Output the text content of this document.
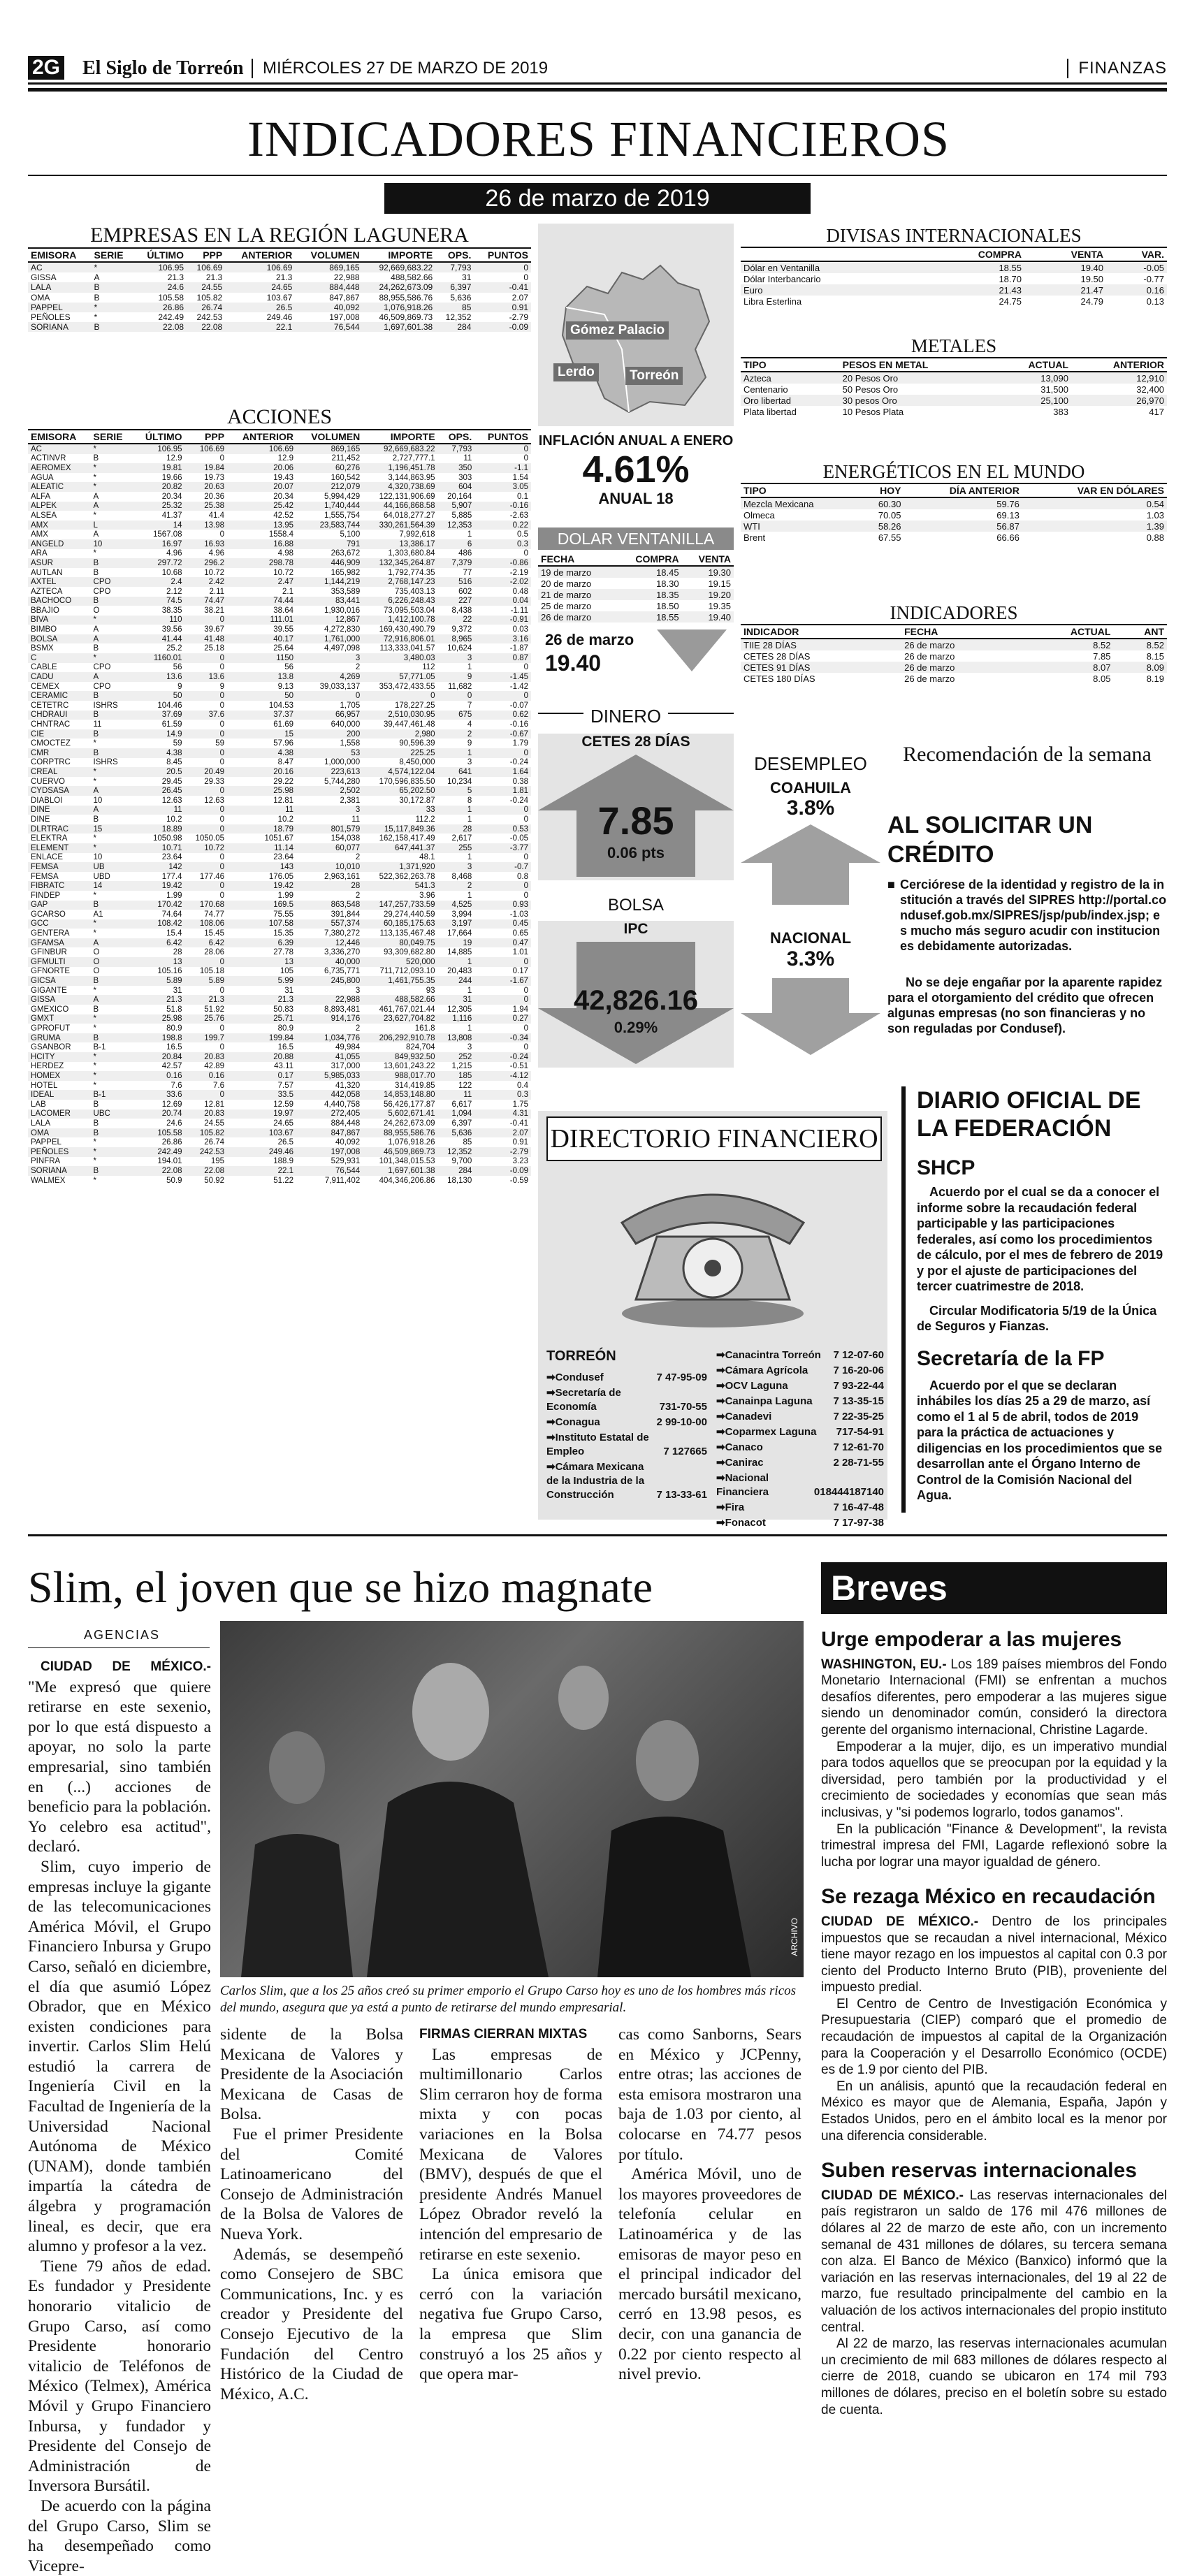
2G El Siglo de Torreón	MIÉRCOLES 27 DE MARZO DE 2019	FINANZAS
INDICADORES FINANCIEROS
26 de marzo de 2019
EMPRESAS EN LA REGIÓN LAGUNERA
EMISORA	SERIE	ÚLTIMO	PPP	ANTERIOR	VOLUMEN	IMPORTE	OPS.	PUNTOS
AC	*	106.95	106.69	106.69	869,165	92,669,683.22	7,793	0
GISSA	A	21.3	21.3	21.3	22,988	488,582.66	31	0
LALA	B	24.6	24.55	24.65	884,448	24,262,673.09	6,397	-0.41
OMA	B	105.58	105.82	103.67	847,867	88,955,586.76	5,636	2.07
PAPPEL	*	26.86	26.74	26.5	40,092	1,076,918.26	85	0.91
PEÑOLES	*	242.49	242.53	249.46	197,008	46,509,869.73	12,352	-2.79
SORIANA	B	22.08	22.08	22.1	76,544	1,697,601.38	284	-0.09
ACCIONES
EMISORA	SERIE	ÚLTIMO	PPP	ANTERIOR	VOLUMEN	IMPORTE	OPS.	PUNTOS
AC	*	106.95	106.69	106.69	869,165	92,669,683.22	7,793	0
ACTINVR	B	12.9	0	12.9	211,452	2,727,777.1	11	0
AEROMEX	*	19.81	19.84	20.06	60,276	1,196,451.78	350	-1.1
AGUA	*	19.66	19.73	19.43	160,542	3,144,863.95	303	1.54
ALEATIC	*	20.82	20.63	20.07	212,079	4,320,738.69	604	3.05
ALFA	A	20.34	20.36	20.34	5,994,429	122,131,906.69	20,164	0.1
ALPEK	A	25.32	25.38	25.42	1,740,444	44,166,868.58	5,907	-0.16
ALSEA	*	41.37	41.4	42.52	1,555,754	64,018,277.27	5,885	-2.63
AMX	L	14	13.98	13.95	23,583,744	330,261,564.39	12,353	0.22
AMX	A	1567.08	0	1558.4	5,100	7,992,618	1	0.5
ANGELD	10	16.97	16.93	16.88	791	13,386.17	6	0.3
ARA	*	4.96	4.96	4.98	263,672	1,303,680.84	486	0
ASUR	B	297.72	296.2	298.78	446,909	132,345,264.87	7,379	-0.86
AUTLAN	B	10.68	10.72	10.72	165,982	1,792,774.35	77	-2.19
AXTEL	CPO	2.4	2.42	2.47	1,144,219	2,768,147.23	516	-2.02
AZTECA	CPO	2.12	2.11	2.1	353,589	735,403.13	602	0.48
BACHOCO	B	74.5	74.47	74.44	83,441	6,226,248.43	227	0.04
BBAJIO	O	38.35	38.21	38.64	1,930,016	73,095,503.04	8,438	-1.11
BIVA	*	110	0	111.01	12,867	1,412,100.78	22	-0.91
BIMBO	A	39.56	39.67	39.55	4,272,830	169,430,490.79	9,372	0.03
BOLSA	A	41.44	41.48	40.17	1,761,000	72,916,806.01	8,965	3.16
BSMX	B	25.2	25.18	25.64	4,497,098	113,333,041.57	10,624	-1.87
C	*	1160.01	0	1150	3	3,480.03	3	0.87
CABLE	CPO	56	0	56	2	112	1	0
CADU	A	13.6	13.6	13.8	4,269	57,771.05	9	-1.45
CEMEX	CPO	9	9	9.13	39,033,137	353,472,433.55	11,682	-1.42
CERAMIC	B	50	0	50	0	0	0	0
CETETRC	ISHRS	104.46	0	104.53	1,705	178,227.25	7	-0.07
CHDRAUI	B	37.69	37.6	37.37	66,957	2,510,030.95	675	0.62
CHNTRAC	11	61.59	0	61.69	640,000	39,447,461.48	4	-0.16
CIE	B	14.9	0	15	200	2,980	2	-0.67
CMOCTEZ	*	59	59	57.96	1,558	90,596.39	9	1.79
CMR	B	4.38	0	4.38	53	225.25	1	0
CORPTRC	ISHRS	8.45	0	8.47	1,000,000	8,450,000	3	-0.24
CREAL	*	20.5	20.49	20.16	223,613	4,574,122.04	641	1.64
CUERVO	*	29.45	29.33	29.22	5,744,280	170,596,835.50	10,234	0.38
CYDSASA	A	26.45	0	25.98	2,502	65,202.50	5	1.81
DIABLOI	10	12.63	12.63	12.81	2,381	30,172.87	8	-0.24
DINE	A	11	0	11	3	33	1	0
DINE	B	10.2	0	10.2	11	112.2	1	0
DLRTRAC	15	18.89	0	18.79	801,579	15,117,849.36	28	0.53
ELEKTRA	*	1050.98	1050.05	1051.67	154,038	162,158,417.49	2,617	-0.05
ELEMENT	*	10.71	10.72	11.14	60,077	647,441.37	255	-3.77
ENLACE	10	23.64	0	23.64	2	48.1	1	0
FEMSA	UB	142	0	143	10,010	1,371,920	3	-0.7
FEMSA	UBD	177.4	177.46	176.05	2,963,161	522,362,263.78	8,468	0.8
FIBRATC	14	19.42	0	19.42	28	541.3	2	0
FINDEP	*	1.99	0	1.99	2	3.96	1	0
GAP	B	170.42	170.68	169.5	863,548	147,257,733.59	4,525	0.93
GCARSO	A1	74.64	74.77	75.55	391,844	29,274,440.59	3,994	-1.03
GCC	*	108.42	108.06	107.58	557,374	60,185,175.63	3,197	0.45
GENTERA	*	15.4	15.45	15.35	7,380,272	113,135,467.48	17,664	0.65
GFAMSA	A	6.42	6.42	6.39	12,446	80,049.75	19	0.47
GFINBUR	O	28	28.06	27.78	3,336,270	93,309,682.80	14,885	1.01
GFMULTI	O	13	0	13	40,000	520,000	1	0
GFNORTE	O	105.16	105.18	105	6,735,771	711,712,093.10	20,483	0.17
GICSA	B	5.89	5.89	5.99	245,800	1,461,755.35	244	-1.67
GIGANTE	*	31	0	31	3	93	1	0
GISSA	A	21.3	21.3	21.3	22,988	488,582.66	31	0
GMEXICO	B	51.8	51.92	50.83	8,893,481	461,767,021.44	12,305	1.94
GMXT	*	25.98	25.76	25.71	914,176	23,627,704.82	1,116	0.27
GPROFUT	*	80.9	0	80.9	2	161.8	1	0
GRUMA	B	198.8	199.7	199.84	1,034,776	206,292,910.78	13,808	-0.34
GSANBOR	B-1	16.5	0	16.5	49,984	824,704	3	0
HCITY	*	20.84	20.83	20.88	41,055	849,932.50	252	-0.24
HERDEZ	*	42.57	42.89	43.11	317,000	13,601,243.22	1,215	-0.51
HOMEX	*	0.16	0.16	0.17	5,985,033	988,017.70	185	-4.12
HOTEL	*	7.6	7.6	7.57	41,320	314,419.85	122	0.4
IDEAL	B-1	33.6	0	33.5	442,058	14,853,148.80	11	0.3
LAB	B	12.69	12.81	12.59	4,440,758	56,426,177.87	6,617	1.75
LACOMER	UBC	20.74	20.83	19.97	272,405	5,602,671.41	1,094	4.31
LALA	B	24.6	24.55	24.65	884,448	24,262,673.09	6,397	-0.41
OMA	B	105.58	105.82	103.67	847,867	88,955,586.76	5,636	2.07
PAPPEL	*	26.86	26.74	26.5	40,092	1,076,918.26	85	0.91
PEÑOLES	*	242.49	242.53	249.46	197,008	46,509,869.73	12,352	-2.79
PINFRA	*	194.01	195	188.9	529,931	101,348,015.53	9,700	3.23
SORIANA	B	22.08	22.08	22.1	76,544	1,697,601.38	284	-0.09
WALMEX	*	50.9	50.92	51.22	7,911,402	404,346,206.86	18,130	-0.59
Gómez Palacio
Lerdo	Torreón
INFLACIÓN ANUAL A ENERO
4.61%
ANUAL 18
DOLAR VENTANILLA
FECHA	COMPRA	VENTA
19 de marzo	18.45	19.30
20 de marzo	18.30	19.15
21 de marzo	18.35	19.20
25 de marzo	18.50	19.35
26 de marzo	18.55	19.40
26 de marzo
19.40
DINERO
CETES 28 DÍAS
7.85
0.06 pts
BOLSA
IPC
42,826.16
0.29%
DESEMPLEO
COAHUILA
3.8%
NACIONAL
3.3%
DIVISAS INTERNACIONALES
	COMPRA	VENTA	VAR.
Dólar en Ventanilla	18.55	19.40	-0.05
Dólar Interbancario	18.70	19.50	-0.77
Euro	21.43	21.47	0.16
Libra Esterlina	24.75	24.79	0.13
METALES
TIPO	PESOS EN METAL	ACTUAL	ANTERIOR
Azteca	20 Pesos Oro	13,090	12,910
Centenario	50 Pesos Oro	31,500	32,400
Oro libertad	30 pesos Oro	25,100	26,970
Plata libertad	10 Pesos Plata	383	417
ENERGÉTICOS EN EL MUNDO
TIPO	HOY	DÍA ANTERIOR	VAR EN DÓLARES
Mezcla Mexicana	60.30	59.76	0.54
Olmeca	70.05	69.13	1.03
WTI	58.26	56.87	1.39
Brent	67.55	66.66	0.88
INDICADORES
INDICADOR	FECHA	ACTUAL	ANT
TIIE 28 DÍAS	26 de marzo	8.52	8.52
CETES 28 DÍAS	26 de marzo	7.85	8.15
CETES 91 DÍAS	26 de marzo	8.07	8.09
CETES 180 DÍAS	26 de marzo	8.05	8.19
Recomendación de la semana
AL SOLICITAR UN CRÉDITO
■ Cerciórese de la identidad y registro de la institución a través del SIPRES http://portal.condusef.gob.mx/SIPRES/jsp/pub/index.jsp; es mucho más seguro acudir con instituciones debidamente autorizadas.
No se deje engañar por la aparente rapidez para el otorgamiento del crédito que ofrecen algunas empresas (no son financieras y no son reguladas por Condusef).
DIARIO OFICIAL DE LA FEDERACIÓN
SHCP
Acuerdo por el cual se da a conocer el informe sobre la recaudación federal participable y las participaciones federales, así como los procedimientos de cálculo, por el mes de febrero de 2019 y por el ajuste de participaciones del tercer cuatrimestre de 2018.
Circular Modificatoria 5/19 de la Única de Seguros y Fianzas.
Secretaría de la FP
Acuerdo por el que se declaran inhábiles los días 25 a 29 de marzo, así como el 1 al 5 de abril, todos de 2019 para la práctica de actuaciones y diligencias en los procedimientos que se desarrollan ante el Órgano Interno de Control de la Comisión Nacional del Agua.
DIRECTORIO FINANCIERO
TORREÓN
➡Condusef	7 47-95-09
➡Secretaría de Economía	731-70-55
➡Conagua	2 99-10-00
➡Instituto Estatal de Empleo	7 127665
➡Cámara Mexicana de la Industria de la Construcción	7 13-33-61
➡Canacintra Torreón 7 12-07-60
➡Cámara Agrícola 7 16-20-06
➡OCV Laguna	7 93-22-44
➡Canainpa Laguna 7 13-35-15
➡Canadevi	7 22-35-25
➡Coparmex Laguna 717-54-91
➡Canaco	7 12-61-70
➡Canirac	2 28-71-55
➡Nacional Financiera	018444187140
➡Fira	7 16-47-48
➡Fonacot	7 17-97-38
Slim, el joven que se hizo magnate
AGENCIAS
ARCHIVO
Carlos Slim, que a los 25 años creó su primer emporio el Grupo Carso hoy es uno de los hombres más ricos del mundo, asegura que ya está a punto de retirarse del mundo empresarial.

CIUDAD DE MÉXICO.- "Me expresó que quiere retirarse en este sexenio, por lo que está dispuesto a apoyar, no solo la parte empresarial, sino también en (...) acciones de beneficio para la población. Yo celebro esa actitud", declaró.

Slim, cuyo imperio de empresas incluye la gigante de las telecomunicaciones América Móvil, el Grupo Financiero Inbursa y Grupo Carso, señaló en diciembre, el día que asumió López Obrador, que en México existen condiciones para invertir. Carlos Slim Helú estudió la carrera de Ingeniería Civil en la Facultad de Ingeniería de la Universidad Nacional Autónoma de México (UNAM), donde también impartía la cátedra de álgebra y programación lineal, es decir, que era alumno y profesor a la vez.

Tiene 79 años de edad. Es fundador y Presidente honorario vitalicio de Grupo Carso, así como Presidente honorario vitalicio de Teléfonos de México (Telmex), América Móvil y Grupo Financiero Inbursa, y fundador y Presidente del Consejo de Administración de Inversora Bursátil.

De acuerdo con la página del Grupo Carso, Slim se ha desempeñado como Vicepre-

sidente de la Bolsa Mexicana de Valores y Presidente de la Asociación Mexicana de Casas de Bolsa.

Fue el primer Presidente del Comité Latinoamericano del Consejo de Administración de la Bolsa de Valores de Nueva York.

Además, se desempeñó como Consejero de SBC Communications, Inc. y es creador y Presidente del Consejo Ejecutivo de la Fundación del Centro Histórico de la Ciudad de México, A.C.

FIRMAS CIERRAN MIXTAS

Las empresas de multimillonario Carlos Slim cerraron hoy de forma mixta y con pocas variaciones en la Bolsa Mexicana de Valores (BMV), después de que el presidente Andrés Manuel López Obrador reveló la intención del empresario de retirarse en este sexenio.

La única emisora que cerró con la variación negativa fue Grupo Carso, la empresa que Slim construyó a los 25 años y que opera mar-

cas como Sanborns, Sears en México y JCPenny, entre otras; las acciones de esta emisora mostraron una baja de 1.03 por ciento, al colocarse en 74.77 pesos por título.

América Móvil, uno de los mayores proveedores de telefonía celular en Latinoamérica y de las emisoras de mayor peso en el principal indicador del mercado bursátil mexicano, cerró en 13.98 pesos, es decir, con una ganancia de 0.22 por ciento respecto al nivel previo.

Breves
Urge empoderar a las mujeres

WASHINGTON, EU.- Los 189 países miembros del Fondo Monetario Internacional (FMI) se enfrentan a muchos desafíos diferentes, pero empoderar a las mujeres sigue siendo un denominador común, consideró la directora gerente del organismo internacional, Christine Lagarde.

Empoderar a la mujer, dijo, es un imperativo mundial para todos aquellos que se preocupan por la equidad y la diversidad, pero también por la productividad y el crecimiento de sociedades y economías que sean más inclusivas, y "si podemos lograrlo, todos ganamos".

En la publicación "Finance & Development", la revista trimestral impresa del FMI, Lagarde reflexionó sobre la lucha por lograr una mayor igualdad de género.

Se rezaga México en recaudación

CIUDAD DE MÉXICO.- Dentro de los principales impuestos que se recaudan a nivel internacional, México tiene mayor rezago en los impuestos al capital con 0.3 por ciento del Producto Interno Bruto (PIB), proveniente del impuesto predial.

El Centro de Centro de Investigación Económica y Presupuestaria (CIEP) comparó que el promedio de recaudación de impuestos al capital de la Organización para la Cooperación y el Desarrollo Económico (OCDE) es de 1.9 por ciento del PIB.

En un análisis, apuntó que la recaudación federal en México es mayor que de Alemania, España, Japón y Estados Unidos, pero en el ámbito local es la menor por una diferencia considerable.

Suben reservas internacionales

CIUDAD DE MÉXICO.- Las reservas internacionales del país registraron un saldo de 176 mil 476 millones de dólares al 22 de marzo de este año, con un incremento semanal de 431 millones de dólares, su tercera semana con alza. El Banco de México (Banxico) informó que la variación en las reservas internacionales, del 19 al 22 de marzo, fue resultado principalmente del cambio en la valuación de los activos internacionales del propio instituto central.

Al 22 de marzo, las reservas internacionales acumulan un crecimiento de mil 683 millones de dólares respecto al cierre de 2018, cuando se ubicaron en 174 mil 793 millones de dólares, preciso en el boletín sobre su estado de cuenta.
